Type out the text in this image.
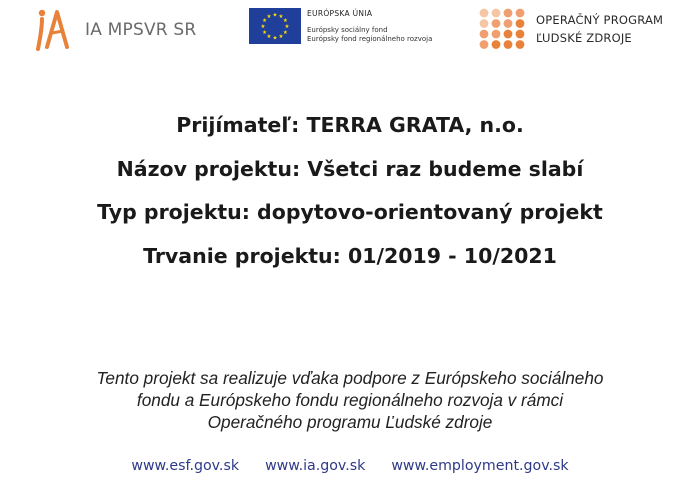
IA MPSVR SR
★ ★
★
★
★
★
★
★
★
★
★
★	EURÓPSKA ÚNIA
Európsky sociálny fond
Európsky fond regionálneho rozvoja
OPERAČNÝ PROGRAM
ĽUDSKÉ ZDROJE
Prijímateľ: TERRA GRATA, n.o.
Názov projektu: Všetci raz budeme slabí
Typ projektu: dopytovo-orientovaný projekt
Trvanie projektu: 01/2019 - 10/2021
Tento projekt sa realizuje vďaka podpore z Európskeho sociálneho
fondu a Európskeho fondu regionálneho rozvoja v rámci
Operačného programu Ľudské zdroje
www.esf.gov.sk www.ia.gov.sk www.employment.gov.sk
